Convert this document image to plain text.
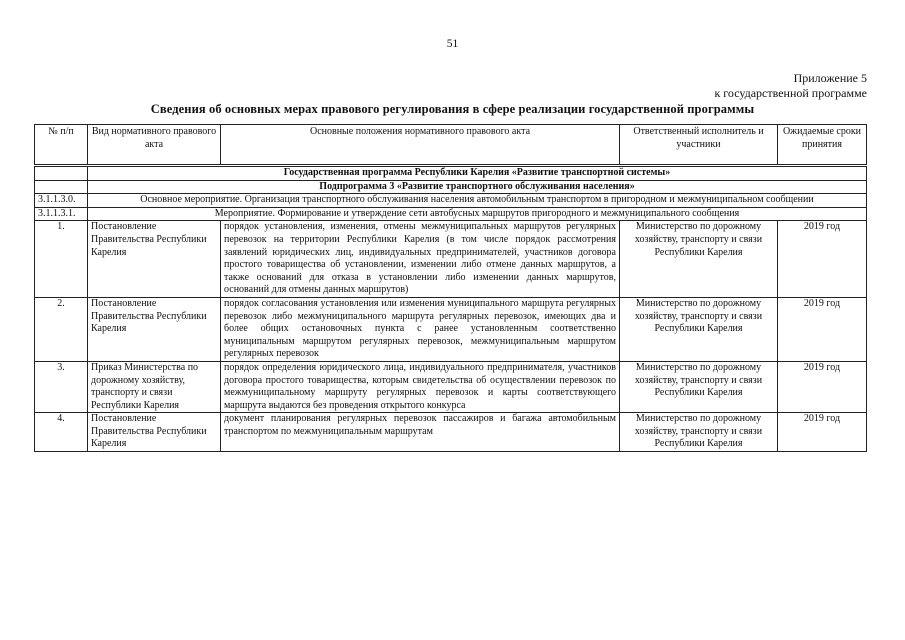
51
Приложение 5
к государственной программе
Сведения об основных мерах правового регулирования в сфере реализации государственной программы
№ п/п	Вид нормативного правового акта	Основные положения нормативного правового акта	Ответственный исполнитель и участники	Ожидаемые сроки принятия
	Государственная программа Республики Карелия «Развитие транспортной системы»			
	Подпрограмма 3 «Развитие транспортного обслуживания населения»			
3.1.1.3.0.	Основное мероприятие. Организация транспортного обслуживания населения автомобильным транспортом в пригородном и межмуниципальном сообщении			
3.1.1.3.1.	Мероприятие. Формирование и утверждение сети автобусных маршрутов пригородного и межмуниципального сообщения			
1.	Постановление Правительства Республики Карелия	порядок установления, изменения, отмены межмуниципальных маршрутов регулярных перевозок на территории Республики Карелия (в том числе порядок рассмотрения заявлений юридических лиц, индивидуальных предпринимателей, участников договора простого товарищества об установлении, изменении либо отмене данных маршрутов, а также оснований для отказа в установлении либо изменении данных маршрутов, оснований для отмены данных маршрутов)	Министерство по дорожному хозяйству, транспорту и связи Республики Карелия	2019 год
2.	Постановление Правительства Республики Карелия	порядок согласования установления или изменения муниципального маршрута регулярных перевозок либо межмуниципального маршрута регулярных перевозок, имеющих два и более общих остановочных пункта с ранее установленным соответственно муниципальным маршрутом регулярных перевозок, межмуниципальным маршрутом регулярных перевозок	Министерство по дорожному хозяйству, транспорту и связи Республики Карелия	2019 год
3.	Приказ Министерства по дорожному хозяйству, транспорту и связи Республики Карелия	порядок определения юридического лица, индивидуального предпринимателя, участников договора простого товарищества, которым свидетельства об осуществлении перевозок по межмуниципальному маршруту регулярных перевозок и карты соответствующего маршрута выдаются без проведения открытого конкурса	Министерство по дорожному хозяйству, транспорту и связи Республики Карелия	2019 год
4.	Постановление Правительства Республики Карелия	документ планирования регулярных перевозок пассажиров и багажа автомобильным транспортом по межмуниципальным маршрутам	Министерство по дорожному хозяйству, транспорту и связи Республики Карелия	2019 год
